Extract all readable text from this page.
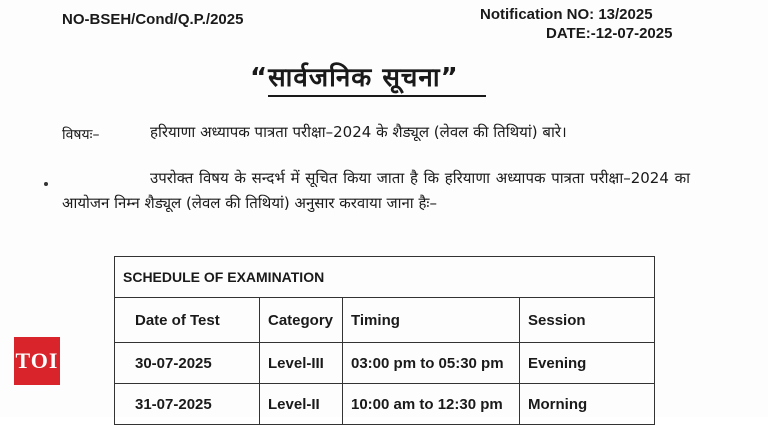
NO-BSEH/Cond/Q.P./2025	Notification NO: 13/2025
DATE:-12-07-2025
“सार्वजनिक सूचना”
विषयः–	हरियाणा अध्यापक पात्रता परीक्षा–2024 के शैड्यूल (लेवल की तिथियां) बारे।
उपरोक्त विषय के सन्दर्भ में सूचित किया जाता है कि हरियाणा अध्यापक पात्रता परीक्षा–2024 का आयोजन निम्न शैड्यूल (लेवल की तिथियां) अनुसार करवाया जाना हैः–
SCHEDULE OF EXAMINATION			
Date of Test	Category	Timing	Session
30-07-2025	Level-III	03:00 pm to 05:30 pm	Evening
31-07-2025	Level-II	10:00 am to 12:30 pm	Morning
TOI
